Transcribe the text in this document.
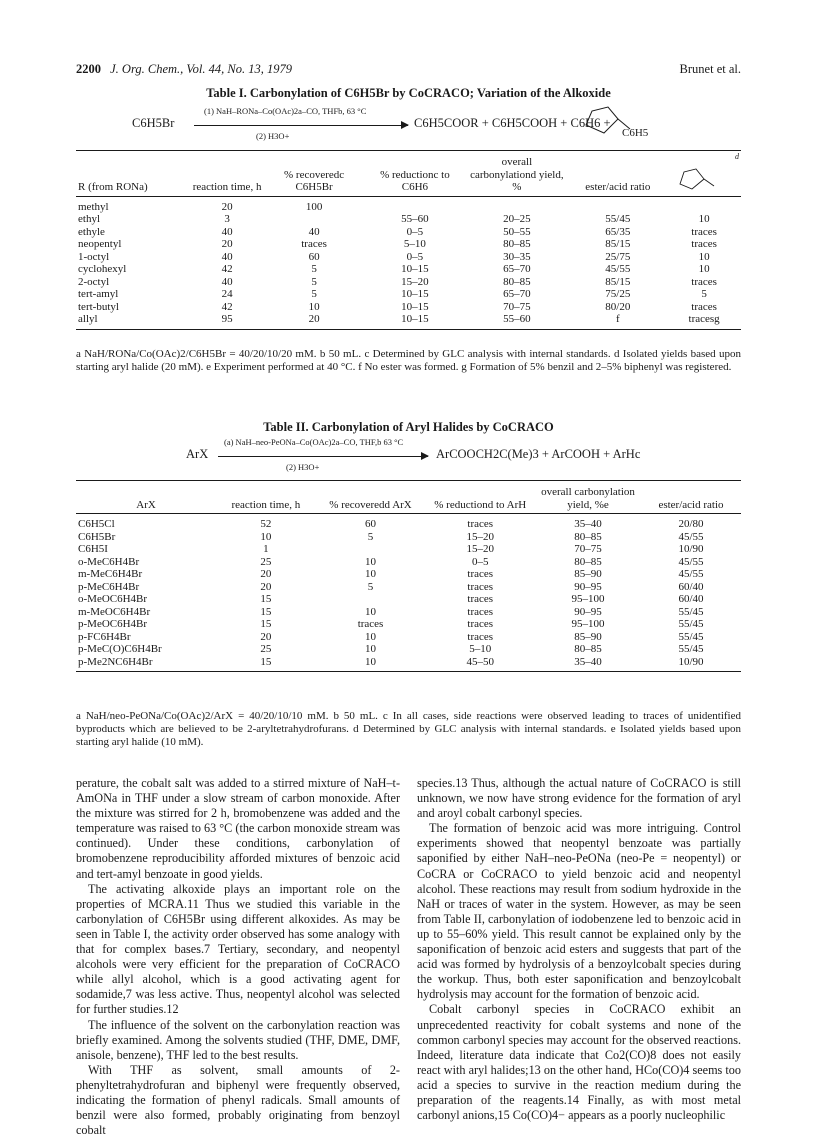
2200 J. Org. Chem., Vol. 44, No. 13, 1979	Brunet et al.
Table I. Carbonylation of C6H5Br by CoCRACO; Variation of the Alkoxide
C6H5Br
(1) NaH–RONa–Co(OAc)2a–CO, THFb, 63 °C
(2) H3O+
C6H5COOR + C6H5COOH + C6H6 +
C6H5
R (from RONa)	reaction time, h	% recoveredc C6H5Br	% reductionc to C6H6	overall carbonylationd yield, %	ester/acid ratio	d

methyl	20	100				
ethyl	3		55–60	20–25	55/45	10
ethyle	40	40	0–5	50–55	65/35	traces
neopentyl	20	traces	5–10	80–85	85/15	traces
1-octyl	40	60	0–5	30–35	25/75	10
cyclohexyl	42	5	10–15	65–70	45/55	10
2-octyl	40	5	15–20	80–85	85/15	traces
tert-amyl	24	5	10–15	65–70	75/25	5
tert-butyl	42	10	10–15	70–75	80/20	traces
allyl	95	20	10–15	55–60	f	tracesg
a NaH/RONa/Co(OAc)2/C6H5Br = 40/20/10/20 mM. b 50 mL. c Determined by GLC analysis with internal standards. d Isolated yields based upon starting aryl halide (20 mM). e Experiment performed at 40 °C. f No ester was formed. g Formation of 5% benzil and 2–5% biphenyl was registered.
Table II. Carbonylation of Aryl Halides by CoCRACO
ArX
(a) NaH–neo-PeONa–Co(OAc)2a–CO, THF,b 63 °C
(2) H3O+
ArCOOCH2C(Me)3 + ArCOOH + ArHc
ArX	reaction time, h	% recoveredd ArX	% reductiond to ArH	overall carbonylation yield, %e	ester/acid ratio
C6H5Cl	52	60	traces	35–40	20/80
C6H5Br	10	5	15–20	80–85	45/55
C6H5I	1		15–20	70–75	10/90
o-MeC6H4Br	25	10	0–5	80–85	45/55
m-MeC6H4Br	20	10	traces	85–90	45/55
p-MeC6H4Br	20	5	traces	90–95	60/40
o-MeOC6H4Br	15		traces	95–100	60/40
m-MeOC6H4Br	15	10	traces	90–95	55/45
p-MeOC6H4Br	15	traces	traces	95–100	55/45
p-FC6H4Br	20	10	traces	85–90	55/45
p-MeC(O)C6H4Br	25	10	5–10	80–85	55/45
p-Me2NC6H4Br	15	10	45–50	35–40	10/90
a NaH/neo-PeONa/Co(OAc)2/ArX = 40/20/10/10 mM. b 50 mL. c In all cases, side reactions were observed leading to traces of unidentified byproducts which are believed to be 2-aryltetrahydrofurans. d Determined by GLC analysis with internal standards. e Isolated yields based upon starting aryl halide (10 mM).

perature, the cobalt salt was added to a stirred mixture of NaH–t-AmONa in THF under a slow stream of carbon monoxide. After the mixture was stirred for 2 h, bromobenzene was added and the temperature was raised to 63 °C (the carbon monoxide stream was continued). Under these conditions, carbonylation of bromobenzene reproducibility afforded mixtures of benzoic acid and tert-amyl benzoate in good yields.

The activating alkoxide plays an important role on the properties of MCRA.11 Thus we studied this variable in the carbonylation of C6H5Br using different alkoxides. As may be seen in Table I, the activity order observed has some analogy with that for complex bases.7 Tertiary, secondary, and neopentyl alcohols were very efficient for the preparation of CoCRACO while allyl alcohol, which is a good activating agent for sodamide,7 was less active. Thus, neopentyl alcohol was selected for further studies.12

The influence of the solvent on the carbonylation reaction was briefly examined. Among the solvents studied (THF, DME, DMF, anisole, benzene), THF led to the best results.

With THF as solvent, small amounts of 2-phenyltetrahydrofuran and biphenyl were frequently observed, indicating the formation of phenyl radicals. Small amounts of benzil were also formed, probably originating from benzoyl cobalt

species.13 Thus, although the actual nature of CoCRACO is still unknown, we now have strong evidence for the formation of aryl and aroyl cobalt carbonyl species.

The formation of benzoic acid was more intriguing. Control experiments showed that neopentyl benzoate was partially saponified by either NaH–neo-PeONa (neo-Pe = neopentyl) or CoCRA or CoCRACO to yield benzoic acid and neopentyl alcohol. These reactions may result from sodium hydroxide in the NaH or traces of water in the system. However, as may be seen from Table II, carbonylation of iodobenzene led to benzoic acid in up to 55–60% yield. This result cannot be explained only by the saponification of benzoic acid esters and suggests that part of the acid was formed by hydrolysis of a benzoylcobalt species during the workup. Thus, both ester saponification and benzoylcobalt hydrolysis may account for the formation of benzoic acid.

Cobalt carbonyl species in CoCRACO exhibit an unprecedented reactivity for cobalt systems and none of the common carbonyl species may account for the observed reactions. Indeed, literature data indicate that Co2(CO)8 does not easily react with aryl halides;13 on the other hand, HCo(CO)4 seems too acid a species to survive in the reaction medium during the preparation of the reagents.14 Finally, as with most metal carbonyl anions,15 Co(CO)4− appears as a poorly nucleophilic
